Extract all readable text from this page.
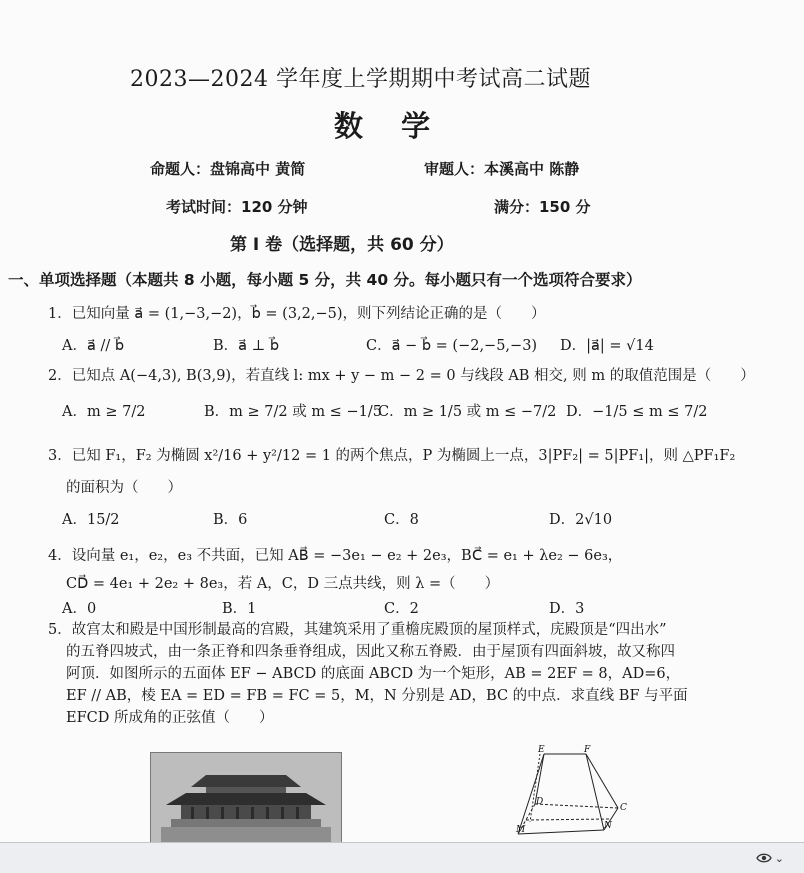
2023—2024 学年度上学期期中考试高二试题
数 学
命题人：盘锦高中 黄简	审题人：本溪高中 陈静
考试时间：120 分钟	满分：150 分
第 Ⅰ 卷（选择题，共 60 分）
一、单项选择题（本题共 8 小题，每小题 5 分，共 40 分。每小题只有一个选项符合要求）
1．已知向量 a⃗ = (1,−3,−2)，b⃗ = (3,2,−5)，则下列结论正确的是（　　）
A．a⃗ // b⃗	B．a⃗ ⊥ b⃗	C．a⃗ − b⃗ = (−2,−5,−3) D．|a⃗| = √14
2．已知点 A(−4,3), B(3,9)，若直线 l: mx + y − m − 2 = 0 与线段 AB 相交, 则 m 的取值范围是（　　）
A．m ≥ 7/2	B．m ≥ 7/2 或 m ≤ −1/5
C．m ≥ 1/5 或 m ≤ −7/2 D．−1/5 ≤ m ≤ 7/2
3．已知 F₁，F₂ 为椭圆 x²/16 + y²/12 = 1 的两个焦点，P 为椭圆上一点，3|PF₂| = 5|PF₁|，则 △PF₁F₂
的面积为（　　）
A．15/2	B．6	C．8	D．2√10
4．设向量 e₁，e₂，e₃ 不共面，已知 AB⃗ = −3e₁ − e₂ + 2e₃，BC⃗ = e₁ + λe₂ − 6e₃，
CD⃗ = 4e₁ + 2e₂ + 8e₃，若 A，C，D 三点共线，则 λ =（　　）
A．0	B．1	C．2	D．3
5．故宫太和殿是中国形制最高的宫殿，其建筑采用了重檐庑殿顶的屋顶样式，庑殿顶是“四出水”
的五脊四坡式，由一条正脊和四条垂脊组成，因此又称五脊殿．由于屋顶有四面斜坡，故又称四
阿顶．如图所示的五面体 EF − ABCD 的底面 ABCD 为一个矩形，AB = 2EF = 8，AD=6，
EF // AB，棱 EA = ED = FB = FC = 5，M，N 分别是 AD，BC 的中点．求直线 BF 与平面
EFCD 所成角的正弦值（　　）
E	F
D
C
M	N
⌄
